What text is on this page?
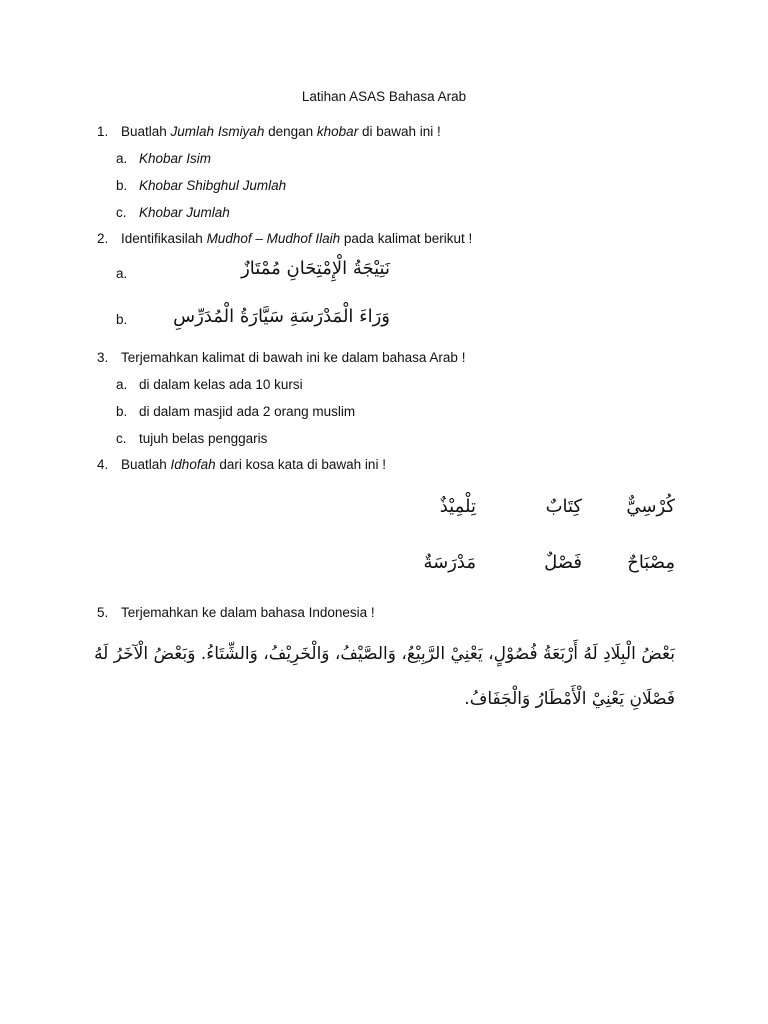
Latihan ASAS Bahasa Arab
1. Buatlah Jumlah Ismiyah dengan khobar di bawah ini !
a. Khobar Isim
b. Khobar Shibghul Jumlah
c. Khobar Jumlah
2. Identifikasilah Mudhof – Mudhof Ilaih pada kalimat berikut !
a.	نَتِيْجَةُ الْإِمْتِحَانِ مُمْتَازٌ
b.	وَرَاءَ الْمَدْرَسَةِ سَيَّارَةُ الْمُدَرِّسِ
3. Terjemahkan kalimat di bawah ini ke dalam bahasa Arab !
a. di dalam kelas ada 10 kursi
b. di dalam masjid ada 2 orang muslim
c. tujuh belas penggaris
4. Buatlah Idhofah dari kosa kata di bawah ini !
كُرْسِيٌّ
كِتَابٌ
تِلْمِيْذٌ
مِصْبَاحٌ
فَصْلٌ
مَدْرَسَةٌ
5. Terjemahkan ke dalam bahasa Indonesia !
بَعْضُ الْبِلَادِ لَهُ أَرْبَعَةُ فُصُوْلٍ، يَعْنِيْ الرَّبِيْعُ، وَالصَّيْفُ، وَالْخَرِيْفُ، وَالشِّتَاءُ. وَبَعْضُ الْآخَرُ لَهُ
فَصْلَانِ يَعْنِيْ الْأَمْطَارُ وَالْجَفَافُ.
